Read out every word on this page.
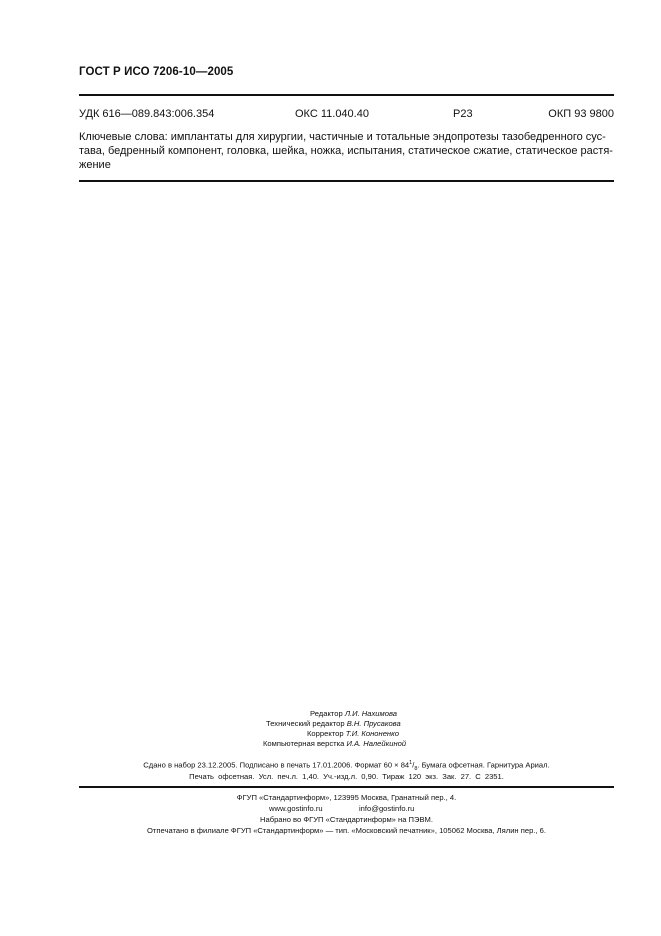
ГОСТ Р ИСО 7206-10—2005
УДК 616—089.843:006.354	ОКС 11.040.40	Р23	ОКП 93 9800
Ключевые слова: имплантаты для хирургии, частичные и тотальные эндопротезы тазобедренного сус-
тава, бедренный компонент, головка, шейка, ножка, испытания, статическое сжатие, статическое растя-
жение
Редактор Л.И. Нахимова
Технический редактор В.Н. Прусакова
Корректор Т.И. Кононенко
Компьютерная верстка И.А. Налейкиной
Сдано в набор 23.12.2005. Подписано в печать 17.01.2006. Формат $60 \times 84^1/_8$. Бумага офсетная. Гарнитура Ариал.
Печать офсетная. Усл. печ.л. 1,40. Уч.-изд.л. 0,90. Тираж 120 экз. Зак. 27. С 2351.
ФГУП «Стандартинформ», 123995 Москва, Гранатный пер., 4.
www.gostinfo.ru	info@gostinfo.ru
Набрано во ФГУП «Стандартинформ» на ПЭВМ.
Отпечатано в филиале ФГУП «Стандартинформ» — тип. «Московский печатник», 105062 Москва, Лялин пер., 6.
